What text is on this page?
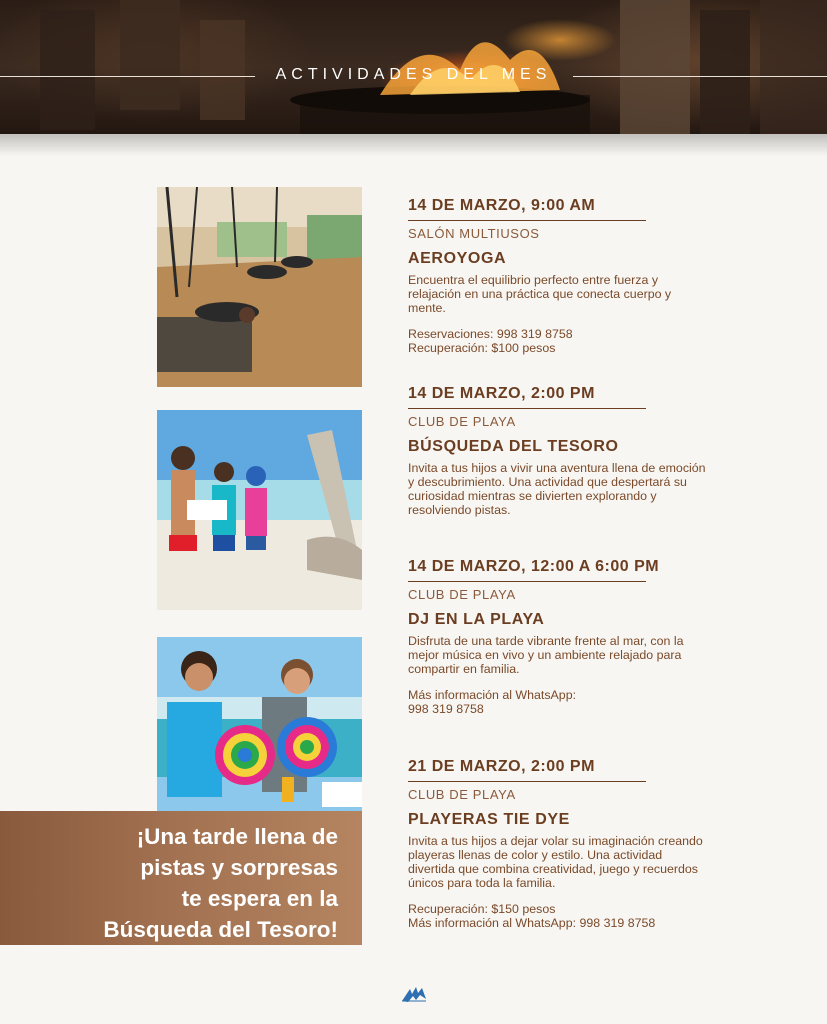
ACTIVIDADES DEL MES
14 DE MARZO, 9:00 AM
SALÓN MULTIUSOS
AEROYOGA
Encuentra el equilibrio perfecto entre fuerza y relajación en una práctica que conecta cuerpo y mente.
Reservaciones: 998 319 8758
Recuperación: $100 pesos
14 DE MARZO, 2:00 PM
CLUB DE PLAYA
BÚSQUEDA DEL TESORO
Invita a tus hijos a vivir una aventura llena de emoción y descubrimiento. Una actividad que despertará su curiosidad mientras se divierten explorando y resolviendo pistas.
14 DE MARZO, 12:00 A 6:00 PM
CLUB DE PLAYA
DJ EN LA PLAYA
Disfruta de una tarde vibrante frente al mar, con la mejor música en vivo y un ambiente relajado para compartir en familia.
Más información al WhatsApp:
998 319 8758
21 DE MARZO, 2:00 PM
CLUB DE PLAYA
PLAYERAS TIE DYE
Invita a tus hijos a dejar volar su imaginación creando playeras llenas de color y estilo. Una actividad divertida que combina creatividad, juego y recuerdos únicos para toda la familia.
Recuperación: $150 pesos
Más información al WhatsApp: 998 319 8758
¡Una tarde llena de
pistas y sorpresas
te espera en la
Búsqueda del Tesoro!
